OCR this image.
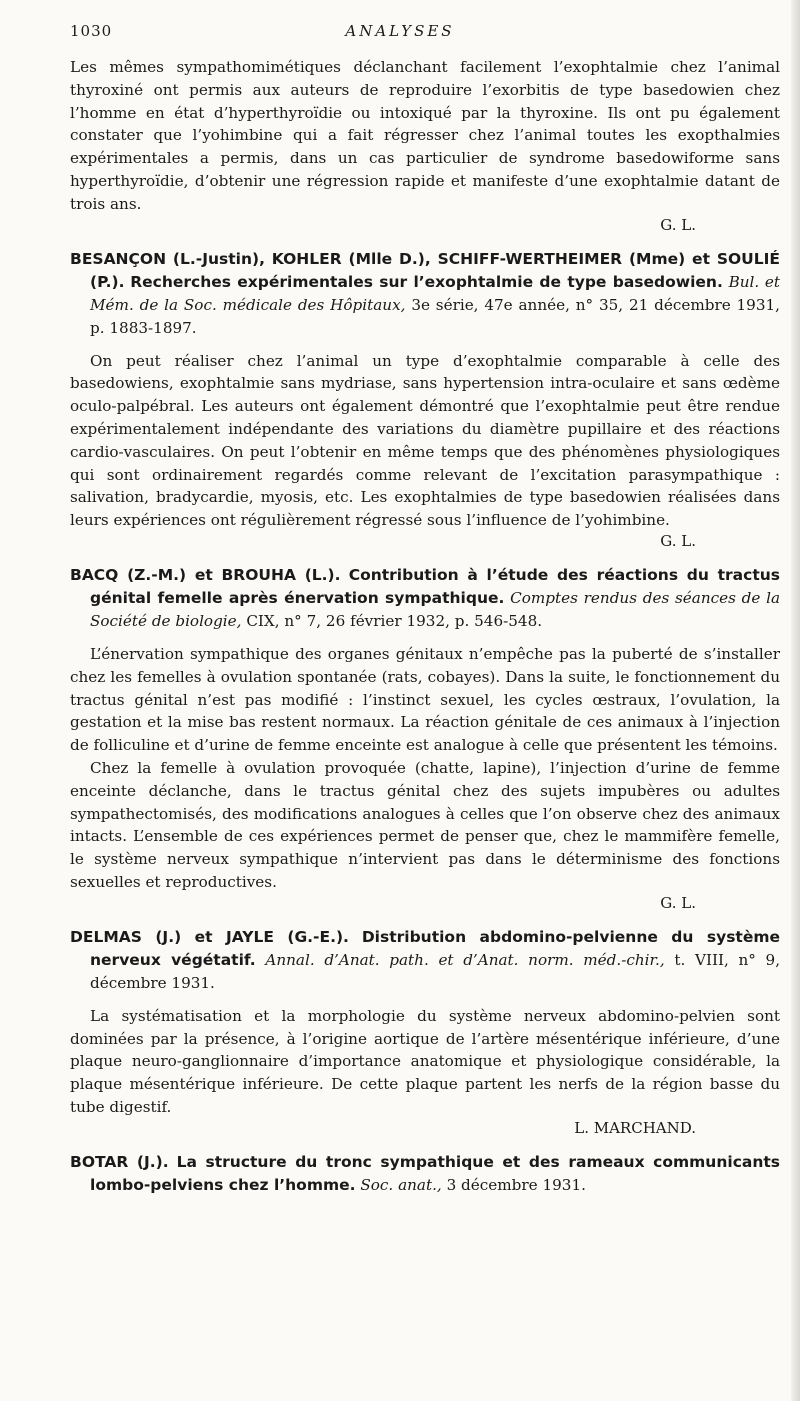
1030	ANALYSES

Les mêmes sympathomimétiques déclanchant facilement l’exophtalmie chez l’animal thyroxiné ont permis aux auteurs de reproduire l’exorbitis de type basedowien chez l’homme en état d’hyperthyroïdie ou intoxiqué par la thyroxine. Ils ont pu également constater que l’yohimbine qui a fait régresser chez l’animal toutes les exopthalmies expérimentales a permis, dans un cas particulier de syndrome basedowiforme sans hyperthyroïdie, d’obtenir une régression rapide et manifeste d’une exophtalmie datant de trois ans.

G. L.

BESANÇON (L.-Justin), KOHLER (Mlle D.), SCHIFF-WERTHEIMER (Mme) et SOULIÉ (P.). Recherches expérimentales sur l’exophtalmie de type basedowien. Bul. et Mém. de la Soc. médicale des Hôpitaux, 3e série, 47e année, n° 35, 21 décembre 1931, p. 1883-1897.

On peut réaliser chez l’animal un type d’exophtalmie comparable à celle des basedowiens, exophtalmie sans mydriase, sans hypertension intra-oculaire et sans œdème oculo-palpébral. Les auteurs ont également démontré que l’exophtalmie peut être rendue expérimentalement indépendante des variations du diamètre pupillaire et des réactions cardio-vasculaires. On peut l’obtenir en même temps que des phénomènes physiologiques qui sont ordinairement regardés comme relevant de l’excitation parasympathique : salivation, bradycardie, myosis, etc. Les exophtalmies de type basedowien réalisées dans leurs expériences ont régulièrement régressé sous l’influence de l’yohimbine.

G. L.

BACQ (Z.-M.) et BROUHA (L.). Contribution à l’étude des réactions du tractus génital femelle après énervation sympathique. Comptes rendus des séances de la Société de biologie, CIX, n° 7, 26 février 1932, p. 546-548.

L’énervation sympathique des organes génitaux n’empêche pas la puberté de s’installer chez les femelles à ovulation spontanée (rats, cobayes). Dans la suite, le fonctionnement du tractus génital n’est pas modifié : l’instinct sexuel, les cycles œstraux, l’ovulation, la gestation et la mise bas restent normaux. La réaction génitale de ces animaux à l’injection de folliculine et d’urine de femme enceinte est analogue à celle que présentent les témoins.

Chez la femelle à ovulation provoquée (chatte, lapine), l’injection d’urine de femme enceinte déclanche, dans le tractus génital chez des sujets impubères ou adultes sympathectomisés, des modifications analogues à celles que l’on observe chez des animaux intacts. L’ensemble de ces expériences permet de penser que, chez le mammifère femelle, le système nerveux sympathique n’intervient pas dans le déterminisme des fonctions sexuelles et reproductives.

G. L.

DELMAS (J.) et JAYLE (G.-E.). Distribution abdomino-pelvienne du système nerveux végétatif. Annal. d’Anat. path. et d’Anat. norm. méd.-chir., t. VIII, n° 9, décembre 1931.

La systématisation et la morphologie du système nerveux abdomino-pelvien sont dominées par la présence, à l’origine aortique de l’artère mésentérique inférieure, d’une plaque neuro-ganglionnaire d’importance anatomique et physiologique considérable, la plaque mésentérique inférieure. De cette plaque partent les nerfs de la région basse du tube digestif.

L. MARCHAND.

BOTAR (J.). La structure du tronc sympathique et des rameaux communicants lombo-pelviens chez l’homme. Soc. anat., 3 décembre 1931.
